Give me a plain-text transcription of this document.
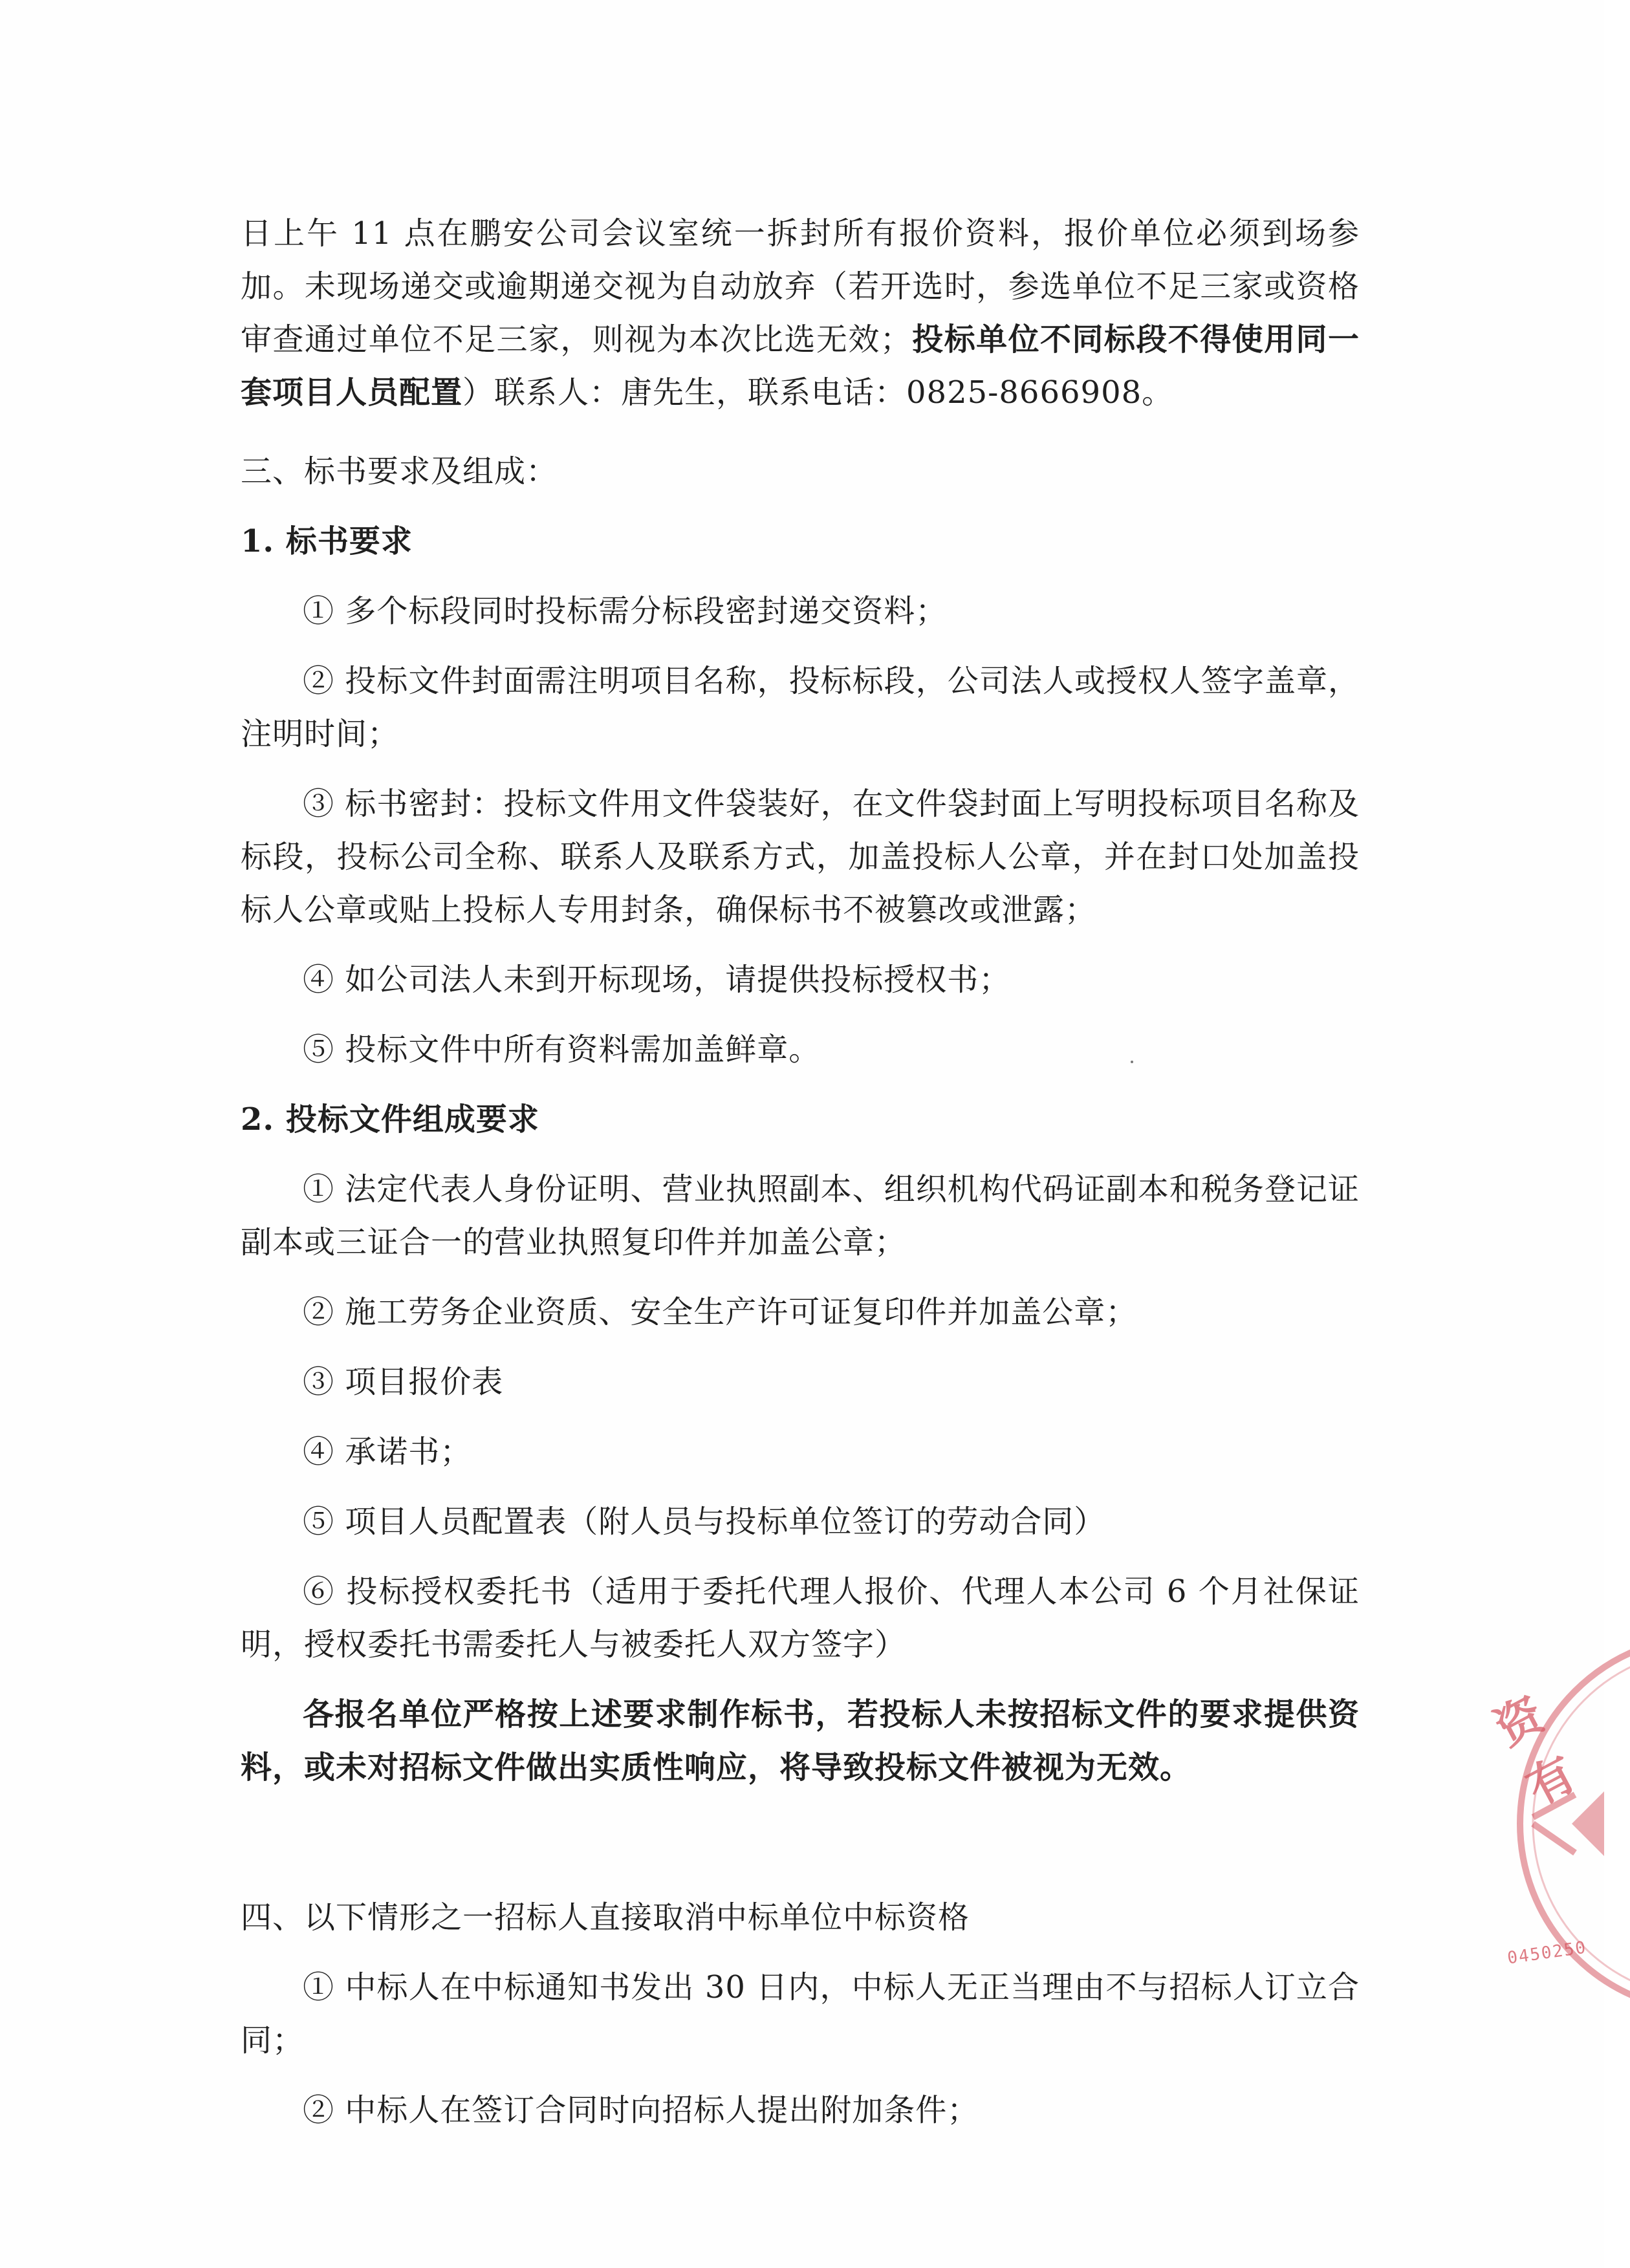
日上午 11 点在鹏安公司会议室统一拆封所有报价资料，报价单位必须到场参加。未现场递交或逾期递交视为自动放弃（若开选时，参选单位不足三家或资格审查通过单位不足三家，则视为本次比选无效；投标单位不同标段不得使用同一套项目人员配置）联系人：唐先生，联系电话：0825-8666908。

三、标书要求及组成：

1. 标书要求

① 多个标段同时投标需分标段密封递交资料；

② 投标文件封面需注明项目名称，投标标段，公司法人或授权人签字盖章，注明时间；

③ 标书密封：投标文件用文件袋装好，在文件袋封面上写明投标项目名称及标段，投标公司全称、联系人及联系方式，加盖投标人公章，并在封口处加盖投标人公章或贴上投标人专用封条，确保标书不被篡改或泄露；

④ 如公司法人未到开标现场，请提供投标授权书；

⑤ 投标文件中所有资料需加盖鲜章。

2. 投标文件组成要求

① 法定代表人身份证明、营业执照副本、组织机构代码证副本和税务登记证副本或三证合一的营业执照复印件并加盖公章；

② 施工劳务企业资质、安全生产许可证复印件并加盖公章；

③ 项目报价表

④ 承诺书；

⑤ 项目人员配置表（附人员与投标单位签订的劳动合同）

⑥ 投标授权委托书（适用于委托代理人报价、代理人本公司 6 个月社保证明，授权委托书需委托人与被委托人双方签字）

各报名单位严格按上述要求制作标书，若投标人未按招标文件的要求提供资料，或未对招标文件做出实质性响应，将导致投标文件被视为无效。

四、以下情形之一招标人直接取消中标单位中标资格

① 中标人在中标通知书发出 30 日内，中标人无正当理由不与招标人订立合同；

② 中标人在签订合同时向招标人提出附加条件；

资有
0450250
